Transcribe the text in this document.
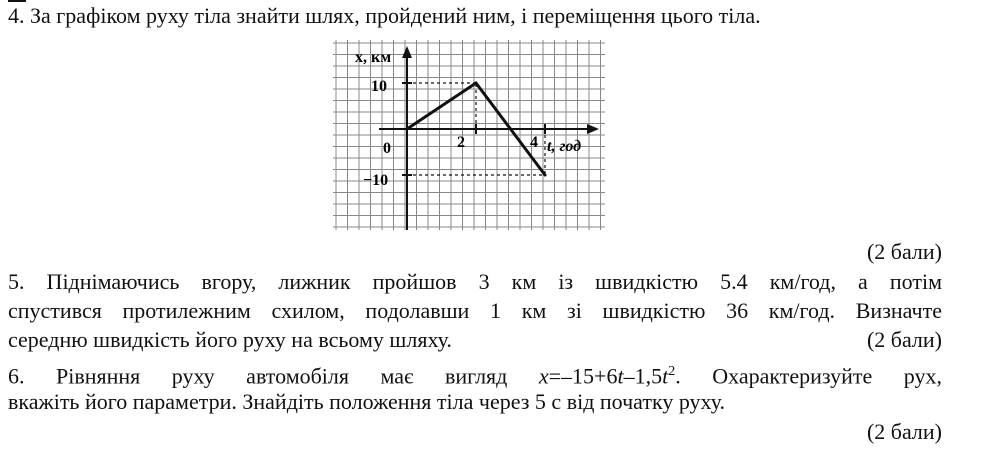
4. За графіком руху тіла знайти шлях, пройдений ним, і переміщення цього тіла.
x, км
t, год
0	2	4
10
−10
(2 бали)
5. Піднімаючись вгору, лижник пройшов 3 км із швидкістю 5.4 км/год, а потім
спустився протилежним схилом, подолавши 1 км зі швидкістю 36 км/год. Визначте
середню швидкість його руху на всьому шляху.	(2 бали)
6. Рівняння руху автомобіля має вигляд $x=-15+6t-1,5t^2$. Охарактеризуйте рух,
вкажіть його параметри. Знайдіть положення тіла через 5 с від початку руху.
(2 бали)
